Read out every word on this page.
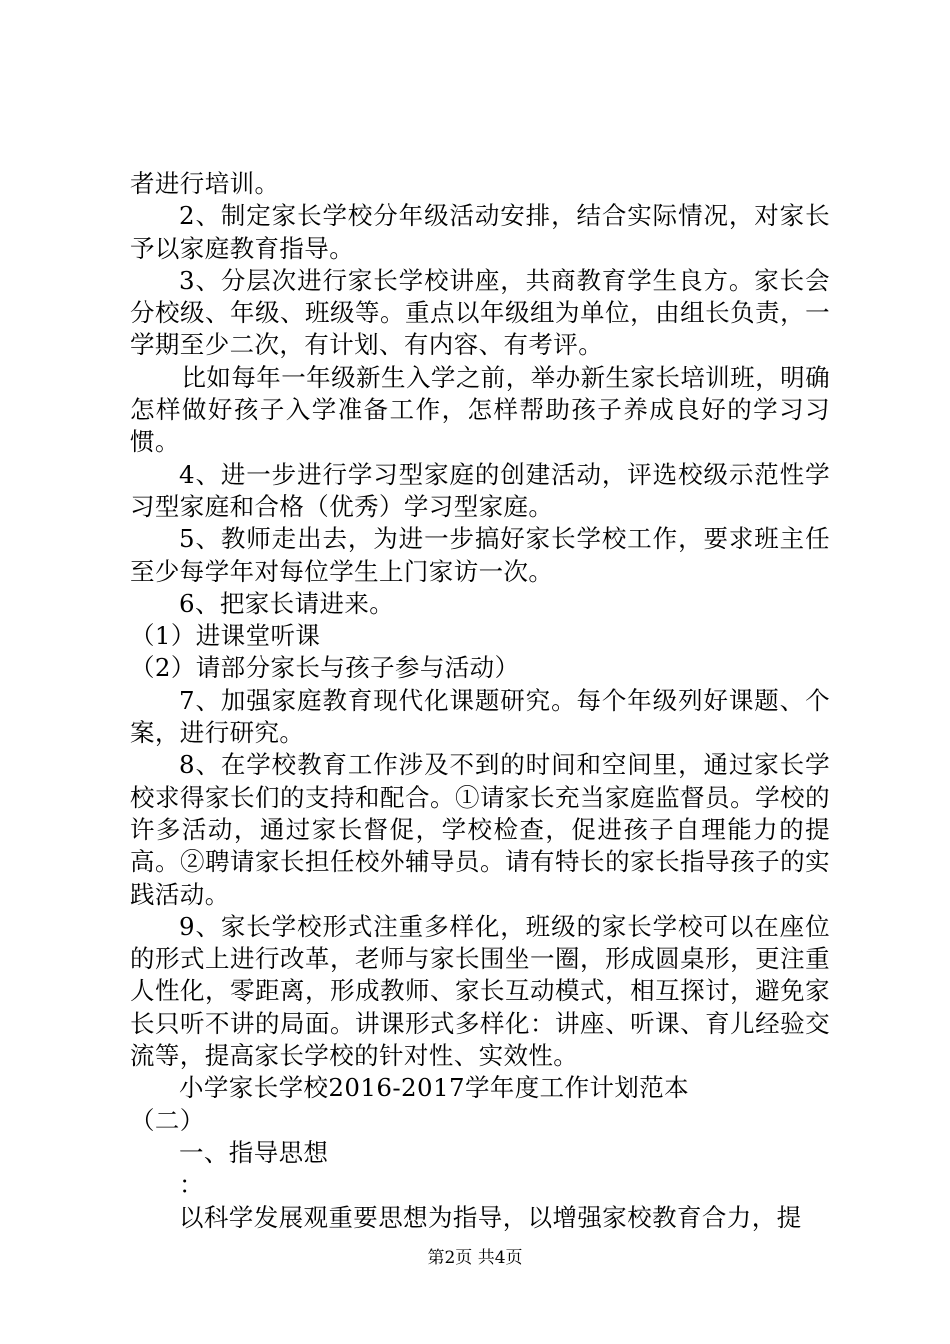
者进行培训。

2、制定家长学校分年级活动安排，结合实际情况，对家长予以家庭教育指导。

3、分层次进行家长学校讲座，共商教育学生良方。家长会分校级、年级、班级等。重点以年级组为单位，由组长负责，一学期至少二次，有计划、有内容、有考评。

比如每年一年级新生入学之前，举办新生家长培训班，明确怎样做好孩子入学准备工作，怎样帮助孩子养成良好的学习习惯。

4、进一步进行学习型家庭的创建活动，评选校级示范性学习型家庭和合格（优秀）学习型家庭。

5、教师走出去，为进一步搞好家长学校工作，要求班主任至少每学年对每位学生上门家访一次。

6、把家长请进来。

（1）进课堂听课

（2）请部分家长与孩子参与活动）

7、加强家庭教育现代化课题研究。每个年级列好课题、个案，进行研究。

8、在学校教育工作涉及不到的时间和空间里，通过家长学校求得家长们的支持和配合。①请家长充当家庭监督员。学校的许多活动，通过家长督促，学校检查，促进孩子自理能力的提高。②聘请家长担任校外辅导员。请有特长的家长指导孩子的实践活动。

9、家长学校形式注重多样化，班级的家长学校可以在座位的形式上进行改革，老师与家长围坐一圈，形成圆桌形，更注重人性化，零距离，形成教师、家长互动模式，相互探讨，避免家长只听不讲的局面。讲课形式多样化：讲座、听课、育儿经验交流等，提高家长学校的针对性、实效性。

小学家长学校2016-2017学年度工作计划范本

（二）

一、指导思想

：

以科学发展观重要思想为指导，以增强家校教育合力，提

第2页 共4页
